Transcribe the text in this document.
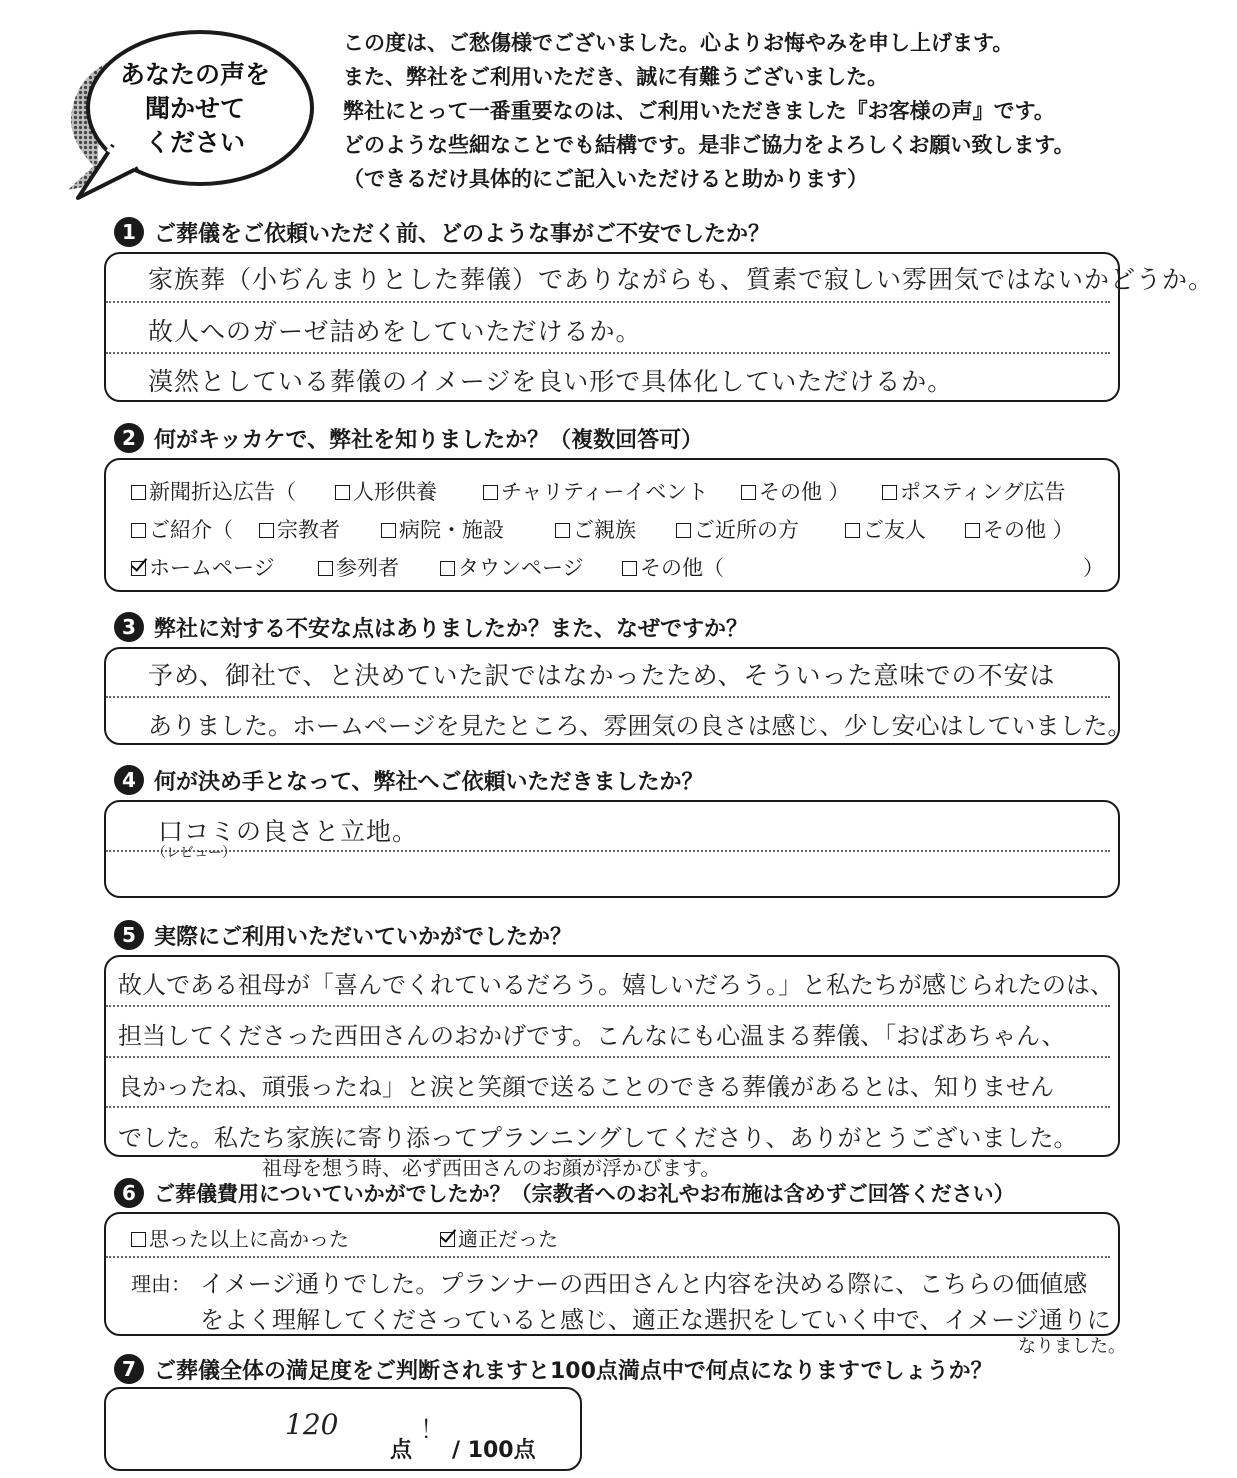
あなたの声を
聞かせて
ください
この度は、ご愁傷様でございました。心よりお悔やみを申し上げます。
また、弊社をご利用いただき、誠に有難うございました。
弊社にとって一番重要なのは、ご利用いただきました『お客様の声』です。
どのような些細なことでも結構です。是非ご協力をよろしくお願い致します。
（できるだけ具体的にご記入いただけると助かります）
1 ご葬儀をご依頼いただく前、どのような事がご不安でしたか？
家族葬（小ぢんまりとした葬儀）でありながらも、質素で寂しい雰囲気ではないかどうか。
故人へのガーゼ詰めをしていただけるか。
漠然としている葬儀のイメージを良い形で具体化していただけるか。
2 何がキッカケで、弊社を知りましたか？（複数回答可）
新聞折込広告（	人形供養	チャリティーイベント	その他 ）	ポスティング広告
ご紹介（	宗教者	病院・施設	ご親族	ご近所の方	ご友人	その他 ）
ホームページ	参列者	タウンページ	その他（	）
3 弊社に対する不安な点はありましたか？また、なぜですか？
予め、御社で、と決めていた訳ではなかったため、そういった意味での不安は
ありました。ホームページを見たところ、雰囲気の良さは感じ、少し安心はしていました。
4 何が決め手となって、弊社へご依頼いただきましたか？
口コミの良さと立地。
（レビュー）
5 実際にご利用いただいていかがでしたか？
故人である祖母が「喜んでくれているだろう。嬉しいだろう。」と私たちが感じられたのは、
担当してくださった西田さんのおかげです。こんなにも心温まる葬儀、「おばあちゃん、
良かったね、頑張ったね」と涙と笑顔で送ることのできる葬儀があるとは、知りません
でした。私たち家族に寄り添ってプランニングしてくださり、ありがとうございました。
祖母を想う時、必ず西田さんのお顔が浮かびます。
6 ご葬儀費用についていかがでしたか？（宗教者へのお礼やお布施は含めずご回答ください）
思った以上に高かった	適正だった
理由： イメージ通りでした。プランナーの西田さんと内容を決める際に、こちらの価値感
をよく理解してくださっていると感じ、適正な選択をしていく中で、イメージ通りに
なりました。
7 ご葬儀全体の満足度をご判断されますと100点満点中で何点になりますでしょうか？
120
点
！
/ 100点
